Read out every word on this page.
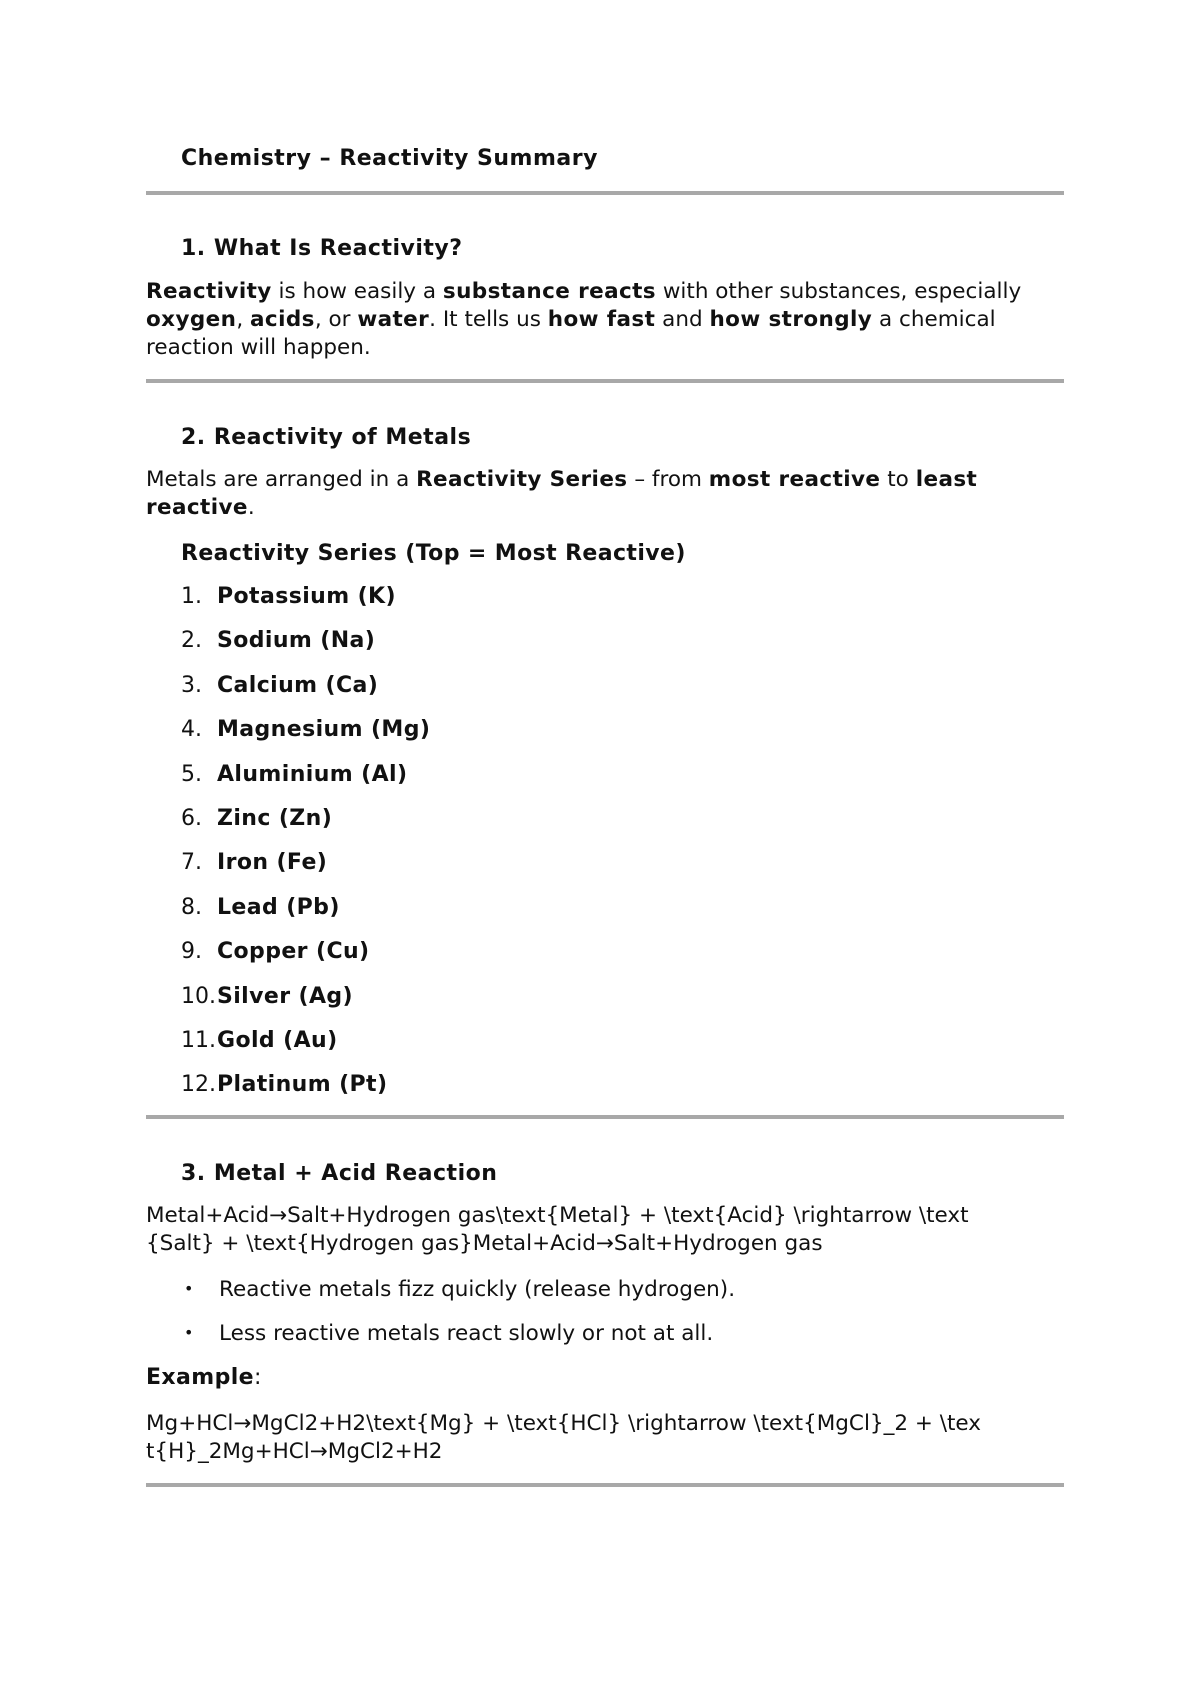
Chemistry – Reactivity Summary
1. What Is Reactivity?
Reactivity is how easily a substance reacts with other substances, especially oxygen, acids, or water. It tells us how fast and how strongly a chemical reaction will happen.
2. Reactivity of Metals
Metals are arranged in a Reactivity Series – from most reactive to least reactive.
Reactivity Series (Top = Most Reactive)
1. Potassium (K)
2. Sodium (Na)
3. Calcium (Ca)
4. Magnesium (Mg)
5. Aluminium (Al)
6. Zinc (Zn)
7. Iron (Fe)
8. Lead (Pb)
9. Copper (Cu)
10.Silver (Ag)
11.Gold (Au)
12.Platinum (Pt)
3. Metal + Acid Reaction
Metal+Acid→Salt+Hydrogen gas\text{Metal} + \text{Acid} \rightarrow \text{Salt} + \text{Hydrogen gas}Metal+Acid→Salt+Hydrogen gas
• Reactive metals fizz quickly (release hydrogen).
• Less reactive metals react slowly or not at all.
Example:
Mg+HCl→MgCl2+H2\text{Mg} + \text{HCl} \rightarrow \text{MgCl}_2 + \text{H}_2Mg+HCl→MgCl2+H2
